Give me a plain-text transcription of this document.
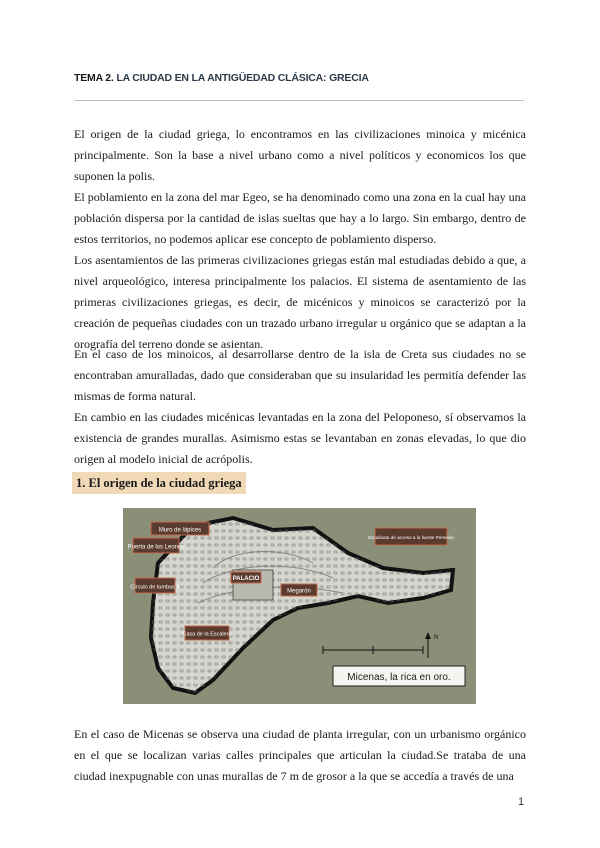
TEMA 2. LA CIUDAD EN LA ANTIGÜEDAD CLÁSICA: GRECIA

El origen de la ciudad griega, lo encontramos en las civilizaciones minoica y micénica principalmente. Son la base a nivel urbano como a nivel políticos y economicos los que suponen la polis.

El poblamiento en la zona del mar Egeo, se ha denominado como una zona en la cual hay una población dispersa por la cantidad de islas sueltas que hay a lo largo. Sin embargo, dentro de estos territorios, no podemos aplicar ese concepto de poblamiento disperso.

Los asentamientos de las primeras civilizaciones griegas están mal estudiadas debido a que, a nivel arqueológico, interesa principalmente los palacios. El sistema de asentamiento de las primeras civilizaciones griegas, es decir, de micénicos y minoicos se caracterizó por la creación de pequeñas ciudades con un trazado urbano irregular u orgánico que se adaptan a la orografía del terreno donde se asientan.

En el caso de los minoicos, al desarrollarse dentro de la isla de Creta sus ciudades no se encontraban amuralladas, dado que consideraban que su insularidad les permitía defender las mismas de forma natural.

En cambio en las ciudades micénicas levantadas en la zona del Peloponeso, sí observamos la existencia de grandes murallas. Asimismo estas se levantaban en zonas elevadas, lo que dio origen al modelo inicial de acrópolis.

1. El origen de la ciudad griega
Muro de lápices
Puerta de los Leones
Círculo de tumbas A
Casa de la Escalera
PALACIO
Megarón
Escalinata de acceso a la fuente Perseida
N
Micenas, la rica en oro.

En el caso de Micenas se observa una ciudad de planta irregular, con un urbanismo orgánico en el que se localizan varias calles principales que articulan la ciudad.Se trataba de una ciudad inexpugnable con unas murallas de 7 m de grosor a la que se accedía a través de una

1
